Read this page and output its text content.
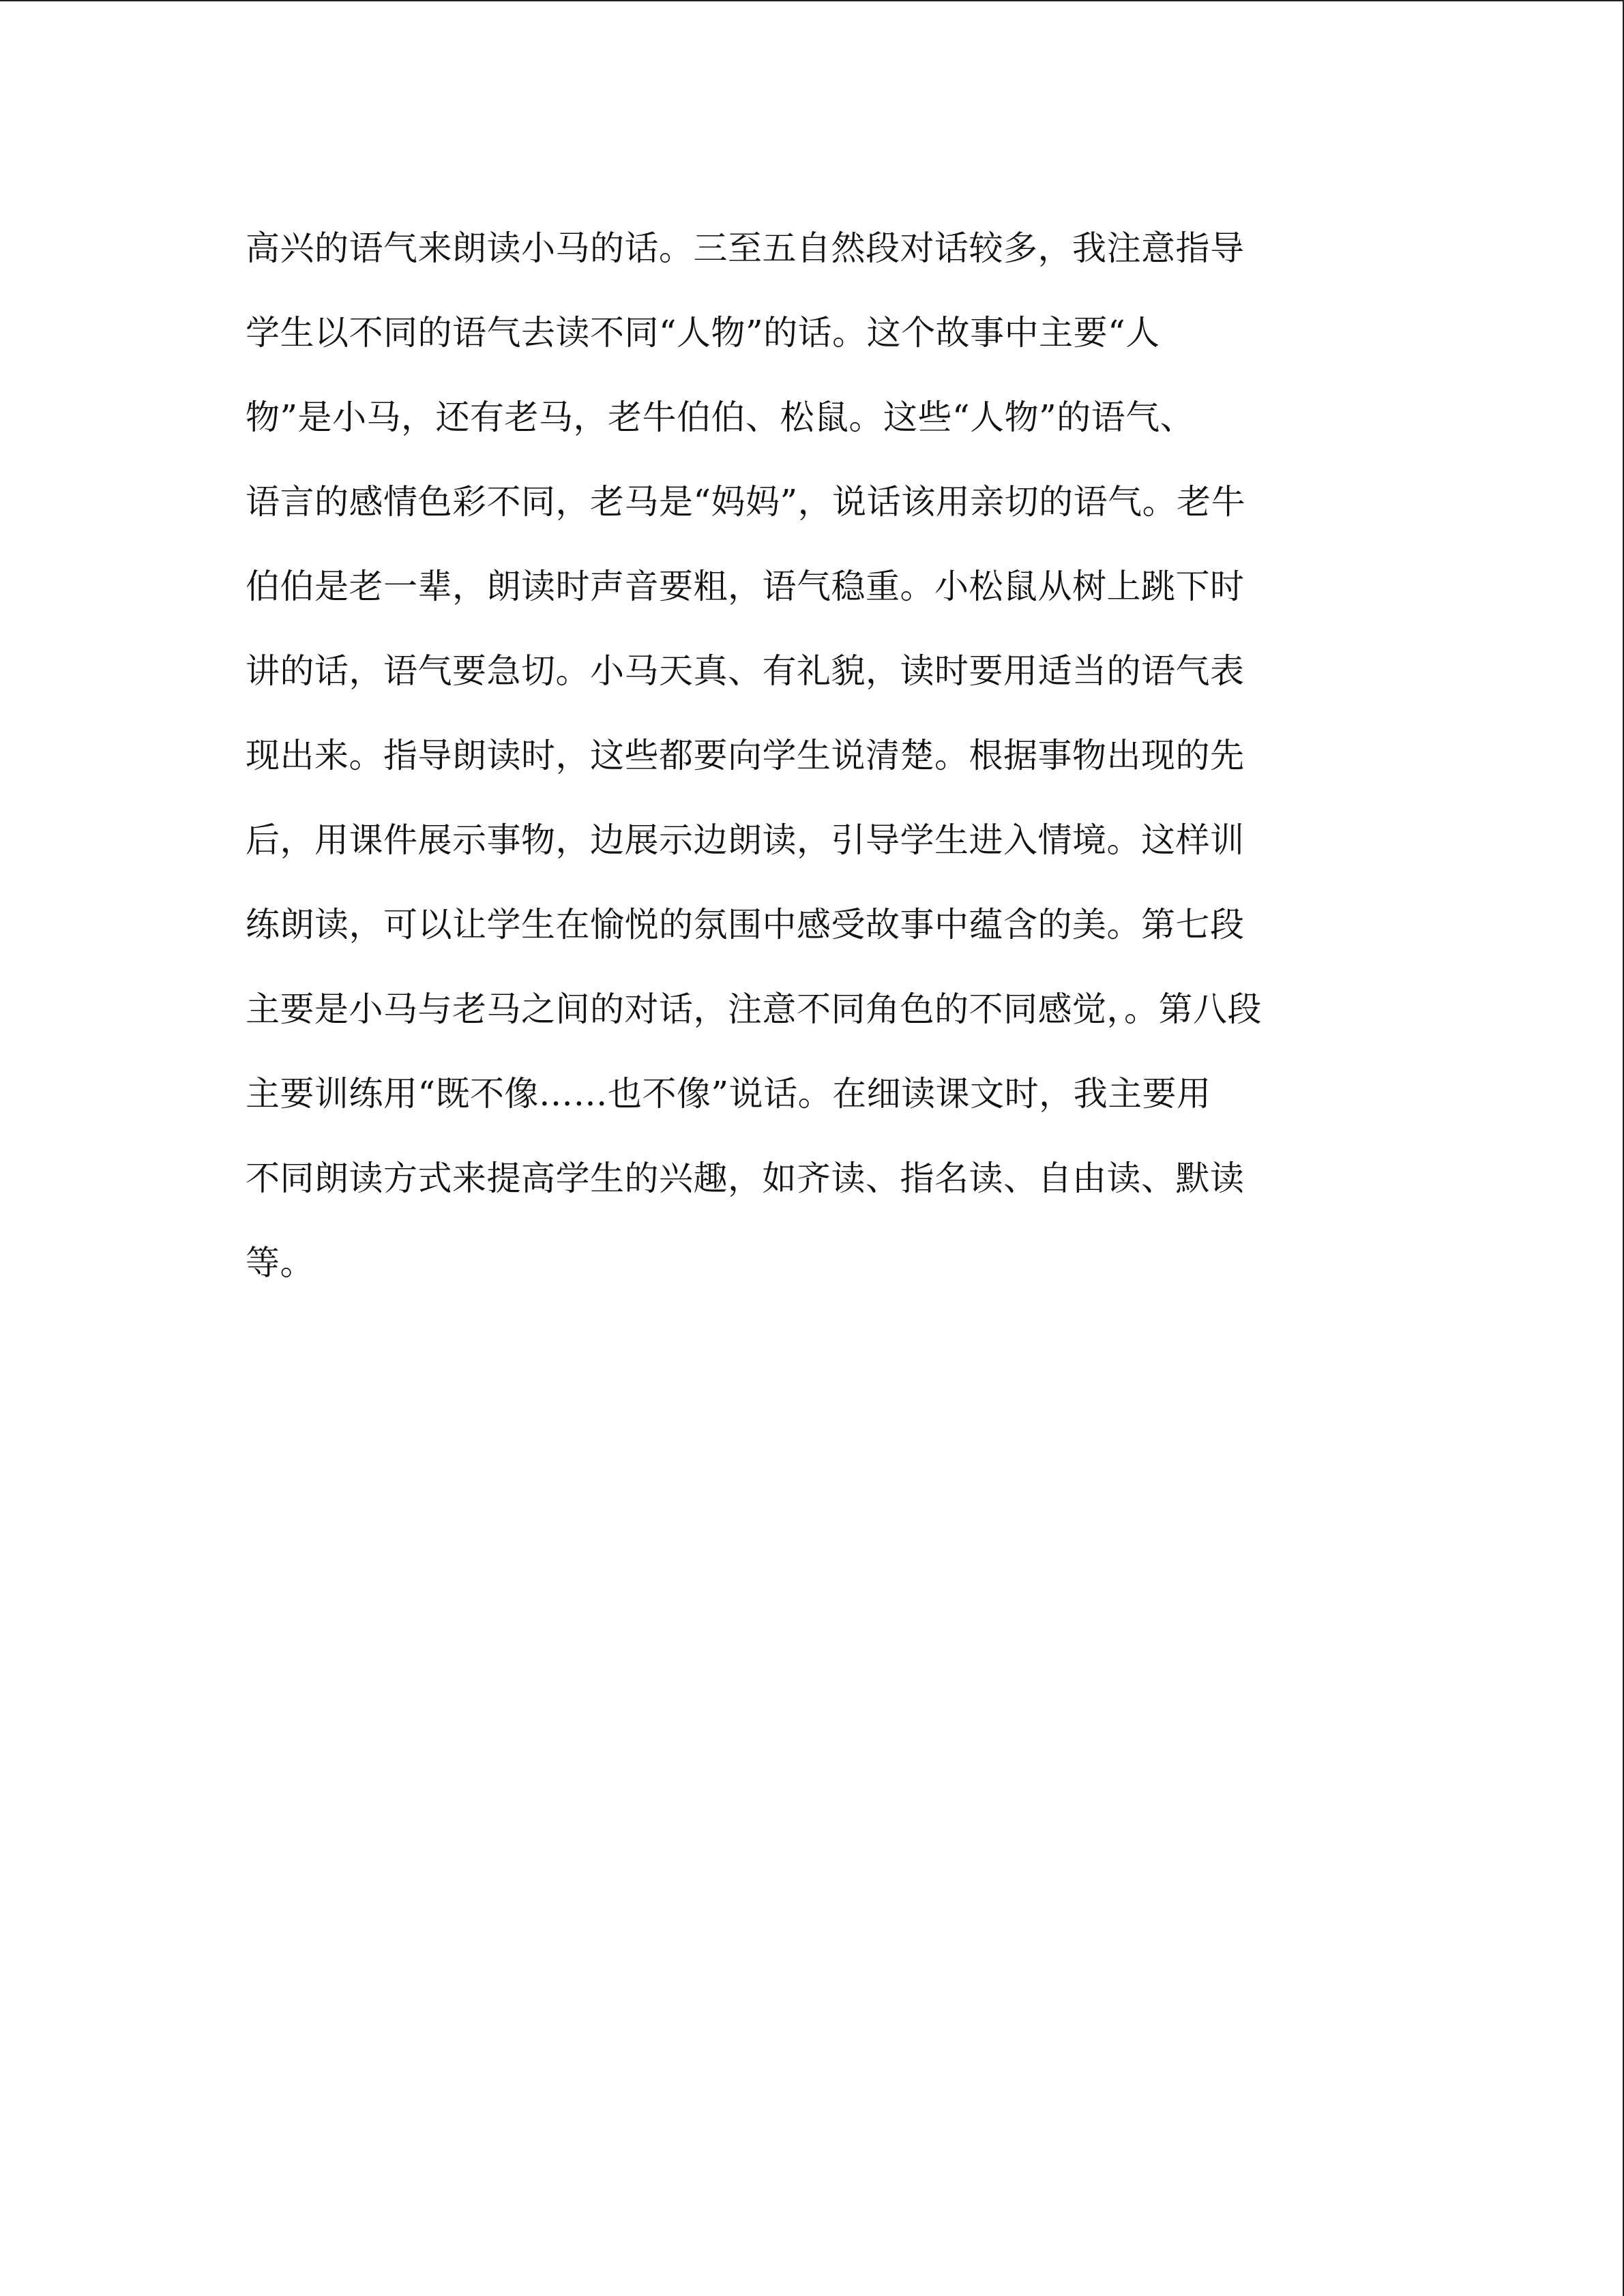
高兴的语气来朗读小马的话。三至五自然段对话较多，我注意指导
学生以不同的语气去读不同“人物”的话。这个故事中主要“人
物”是小马，还有老马，老牛伯伯、松鼠。这些“人物”的语气、
语言的感情色彩不同，老马是“妈妈”，说话该用亲切的语气。老牛
伯伯是老一辈，朗读时声音要粗，语气稳重。小松鼠从树上跳下时
讲的话，语气要急切。小马天真、有礼貌，读时要用适当的语气表
现出来。指导朗读时，这些都要向学生说清楚。根据事物出现的先
后，用课件展示事物，边展示边朗读，引导学生进入情境。这样训
练朗读，可以让学生在愉悦的氛围中感受故事中蕴含的美。第七段
主要是小马与老马之间的对话，注意不同角色的不同感觉，。第八段
主要训练用“既不像……也不像”说话。在细读课文时，我主要用
不同朗读方式来提高学生的兴趣，如齐读、指名读、自由读、默读
等。
